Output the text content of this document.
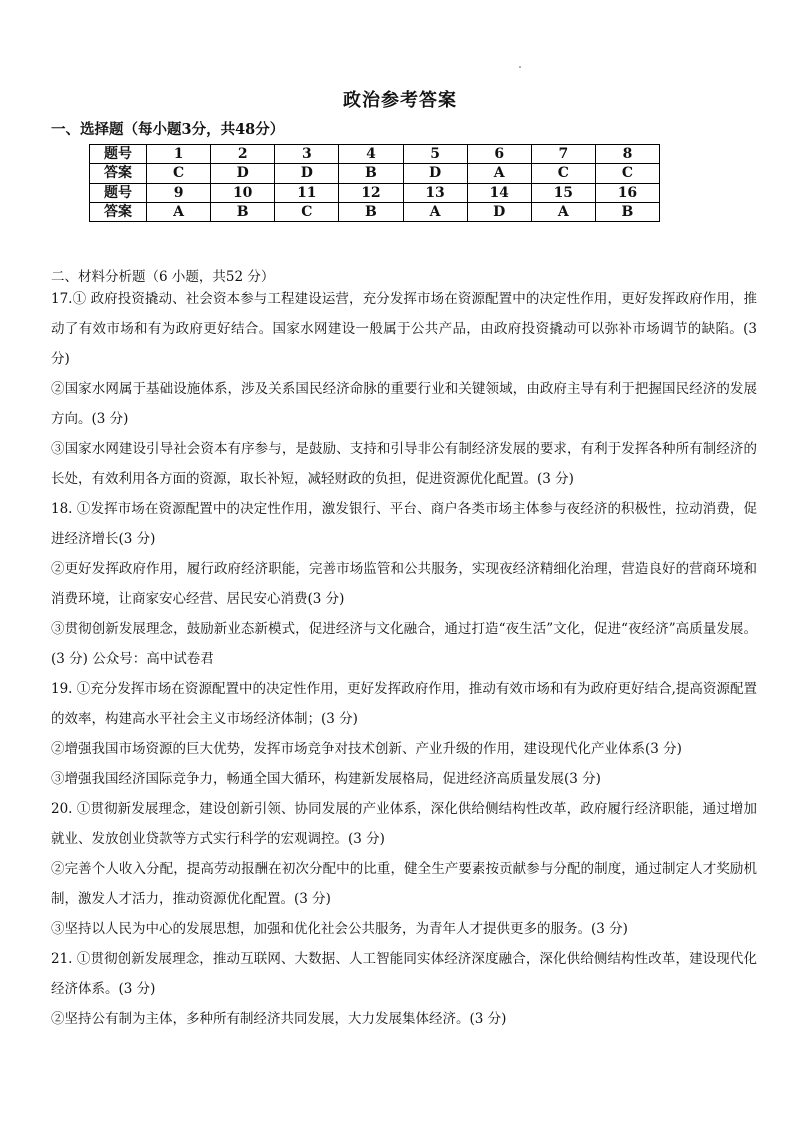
政治参考答案
一、选择题（每小题3分，共48分）
题号	1	2	3	4	5	6	7	8
答案	C	D	D	B	D	A	C	C
题号	9	10	11	12	13	14	15	16
答案	A	B	C	B	A	D	A	B
二、材料分析题（6 小题，共52 分）

17.① 政府投资撬动、社会资本参与工程建设运营，充分发挥市场在资源配置中的决定性作用，更好发挥政府作用，推动了有效市场和有为政府更好结合。国家水网建设一般属于公共产品，由政府投资撬动可以弥补市场调节的缺陷。(3 分)

②国家水网属于基础设施体系，涉及关系国民经济命脉的重要行业和关键领域，由政府主导有利于把握国民经济的发展方向。(3 分)

③国家水网建设引导社会资本有序参与，是鼓励、支持和引导非公有制经济发展的要求，有利于发挥各种所有制经济的长处，有效利用各方面的资源，取长补短，减轻财政的负担，促进资源优化配置。(3 分)

18. ①发挥市场在资源配置中的决定性作用，激发银行、平台、商户各类市场主体参与夜经济的积极性，拉动消费，促进经济增长(3 分)

②更好发挥政府作用，履行政府经济职能，完善市场监管和公共服务，实现夜经济精细化治理，营造良好的营商环境和消费环境，让商家安心经营、居民安心消费(3 分)

③贯彻创新发展理念，鼓励新业态新模式，促进经济与文化融合，通过打造“夜生活”文化，促进“夜经济”高质量发展。(3 分) 公众号：高中试卷君

19. ①充分发挥市场在资源配置中的决定性作用，更好发挥政府作用，推动有效市场和有为政府更好结合,提高资源配置的效率，构建高水平社会主义市场经济体制；(3 分)

②增强我国市场资源的巨大优势，发挥市场竞争对技术创新、产业升级的作用，建设现代化产业体系(3 分)

③增强我国经济国际竞争力，畅通全国大循环，构建新发展格局，促进经济高质量发展(3 分)

20. ①贯彻新发展理念，建设创新引领、协同发展的产业体系，深化供给侧结构性改革，政府履行经济职能，通过增加就业、发放创业贷款等方式实行科学的宏观调控。(3 分)

②完善个人收入分配，提高劳动报酬在初次分配中的比重，健全生产要素按贡献参与分配的制度，通过制定人才奖励机制，激发人才活力，推动资源优化配置。(3 分)

③坚持以人民为中心的发展思想，加强和优化社会公共服务，为青年人才提供更多的服务。(3 分)

21. ①贯彻创新发展理念，推动互联网、大数据、人工智能同实体经济深度融合，深化供给侧结构性改革，建设现代化经济体系。(3 分)

②坚持公有制为主体，多种所有制经济共同发展，大力发展集体经济。(3 分)
